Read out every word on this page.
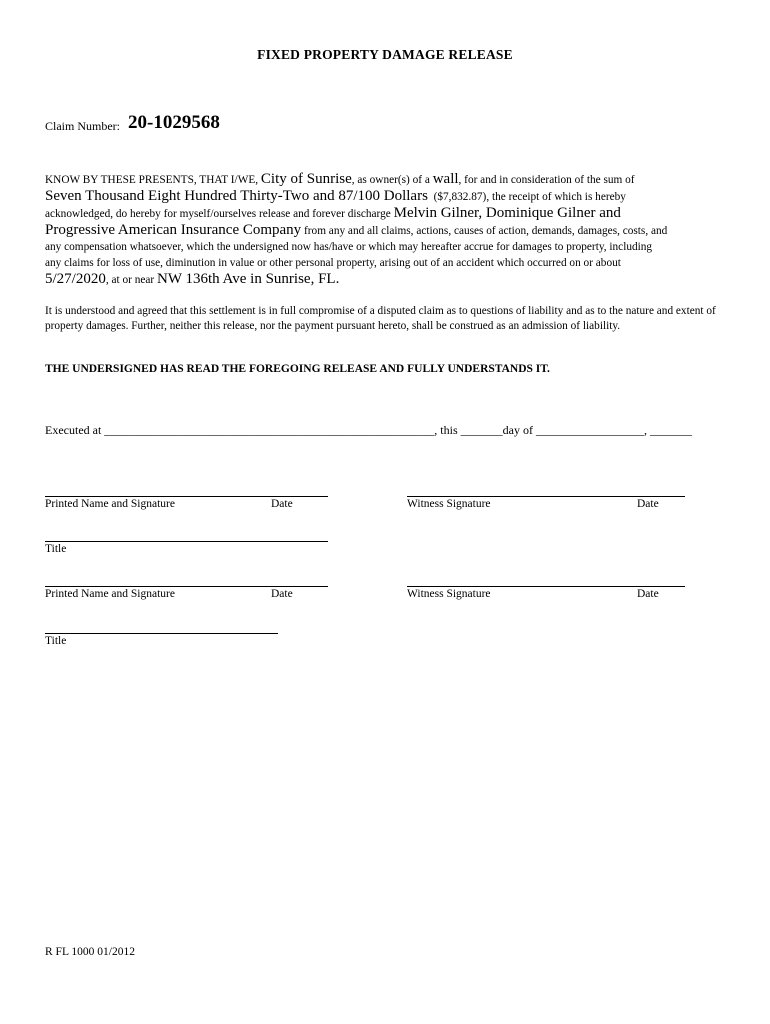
FIXED PROPERTY DAMAGE RELEASE
Claim Number: 20-1029568
KNOW BY THESE PRESENTS, THAT I/WE, City of Sunrise, as owner(s) of a wall, for and in consideration of the sum of
Seven Thousand Eight Hundred Thirty-Two and 87/100 Dollars ($7,832.87), the receipt of which is hereby
acknowledged, do hereby for myself/ourselves release and forever discharge Melvin Gilner, Dominique Gilner and
Progressive American Insurance Company from any and all claims, actions, causes of action, demands, damages, costs, and
any compensation whatsoever, which the undersigned now has/have or which may hereafter accrue for damages to property, including
any claims for loss of use, diminution in value or other personal property, arising out of an accident which occurred on or about
5/27/2020, at or near NW 136th Ave in Sunrise, FL.
It is understood and agreed that this settlement is in full compromise of a disputed claim as to questions of liability and as to the nature and extent of property damages. Further, neither this release, nor the payment pursuant hereto, shall be construed as an admission of liability.
THE UNDERSIGNED HAS READ THE FOREGOING RELEASE AND FULLY UNDERSTANDS IT.
Executed at _______________________________________________________, this _______day of __________________, _______
Printed Name and Signature	Date	Witness Signature	Date
Title
Printed Name and Signature	Date	Witness Signature	Date
Title
R FL 1000 01/2012
